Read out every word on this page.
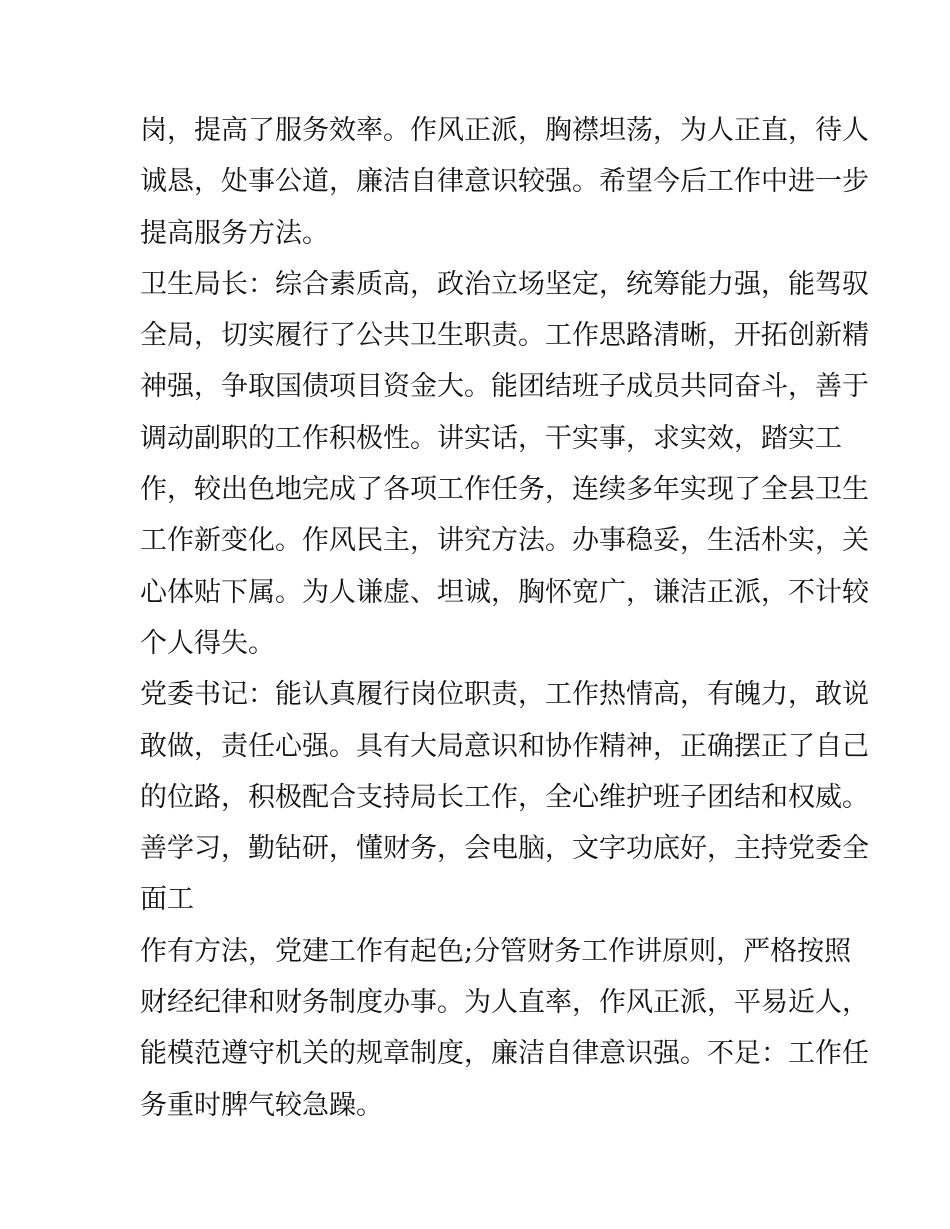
岗，提高了服务效率。作风正派，胸襟坦荡，为人正直，待人
诚恳，处事公道，廉洁自律意识较强。希望今后工作中进一步
提高服务方法。
卫生局长：综合素质高，政治立场坚定，统筹能力强，能驾驭
全局，切实履行了公共卫生职责。工作思路清晰，开拓创新精
神强，争取国债项目资金大。能团结班子成员共同奋斗，善于
调动副职的工作积极性。讲实话，干实事，求实效，踏实工
作，较出色地完成了各项工作任务，连续多年实现了全县卫生
工作新变化。作风民主，讲究方法。办事稳妥，生活朴实，关
心体贴下属。为人谦虚、坦诚，胸怀宽广，谦洁正派，不计较
个人得失。
党委书记：能认真履行岗位职责，工作热情高，有魄力，敢说
敢做，责任心强。具有大局意识和协作精神，正确摆正了自己
的位路，积极配合支持局长工作，全心维护班子团结和权威。
善学习，勤钻研，懂财务，会电脑，文字功底好，主持党委全
面工
作有方法，党建工作有起色;分管财务工作讲原则，严格按照
财经纪律和财务制度办事。为人直率，作风正派，平易近人，
能模范遵守机关的规章制度，廉洁自律意识强。不足：工作任
务重时脾气较急躁。
